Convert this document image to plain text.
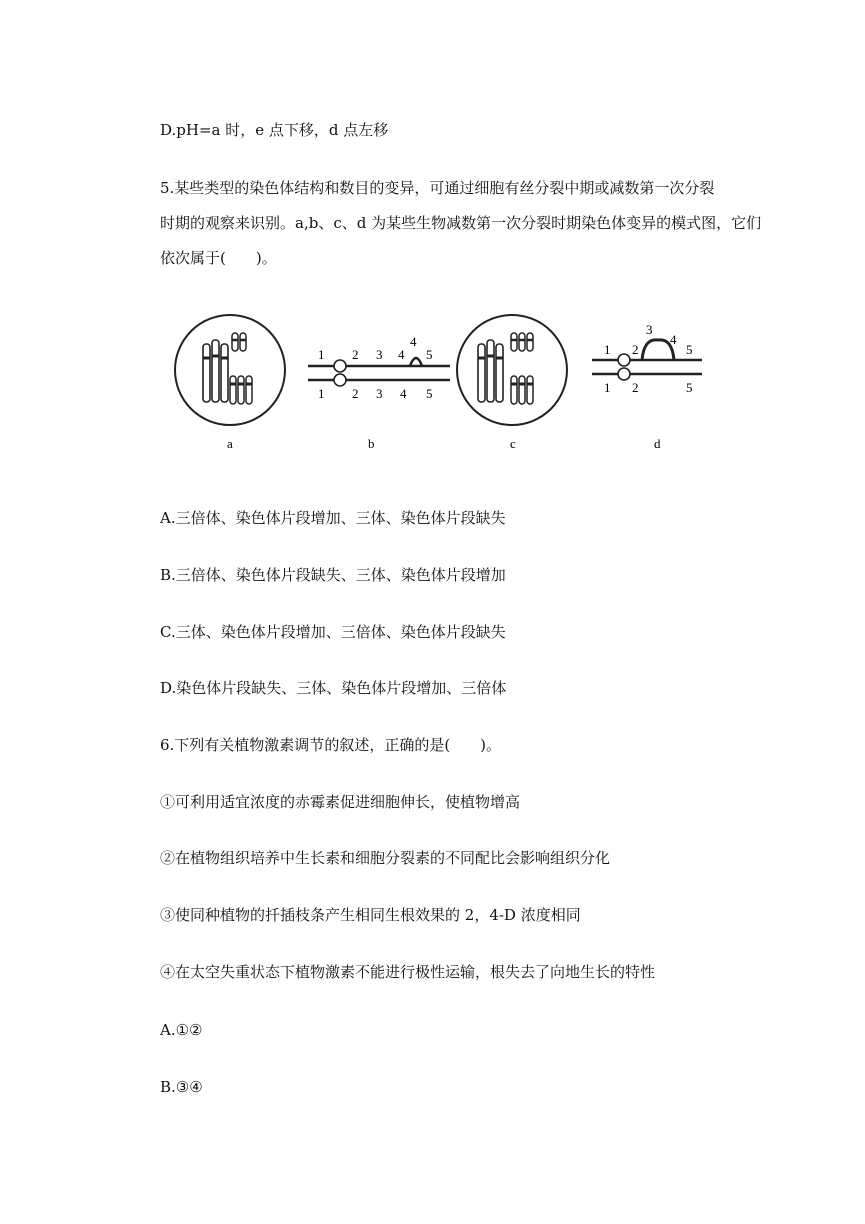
D.pH=a 时，e 点下移，d 点左移
5.某些类型的染色体结构和数目的变异，可通过细胞有丝分裂中期或减数第一次分裂
时期的观察来识别。a,b、c、d 为某些生物减数第一次分裂时期染色体变异的模式图，它们
依次属于(　　)。
a
1 2 3 4
4
5
1 2 3 4 5
b	c
1 2
3
4
5
1 2	5
d
A.三倍体、染色体片段增加、三体、染色体片段缺失
B.三倍体、染色体片段缺失、三体、染色体片段增加
C.三体、染色体片段增加、三倍体、染色体片段缺失
D.染色体片段缺失、三体、染色体片段增加、三倍体
6.下列有关植物激素调节的叙述，正确的是(　　)。
①可利用适宜浓度的赤霉素促进细胞伸长，使植物增高
②在植物组织培养中生长素和细胞分裂素的不同配比会影响组织分化
③使同种植物的扦插枝条产生相同生根效果的 2，4-D 浓度相同
④在太空失重状态下植物激素不能进行极性运输，根失去了向地生长的特性
A.①②
B.③④
